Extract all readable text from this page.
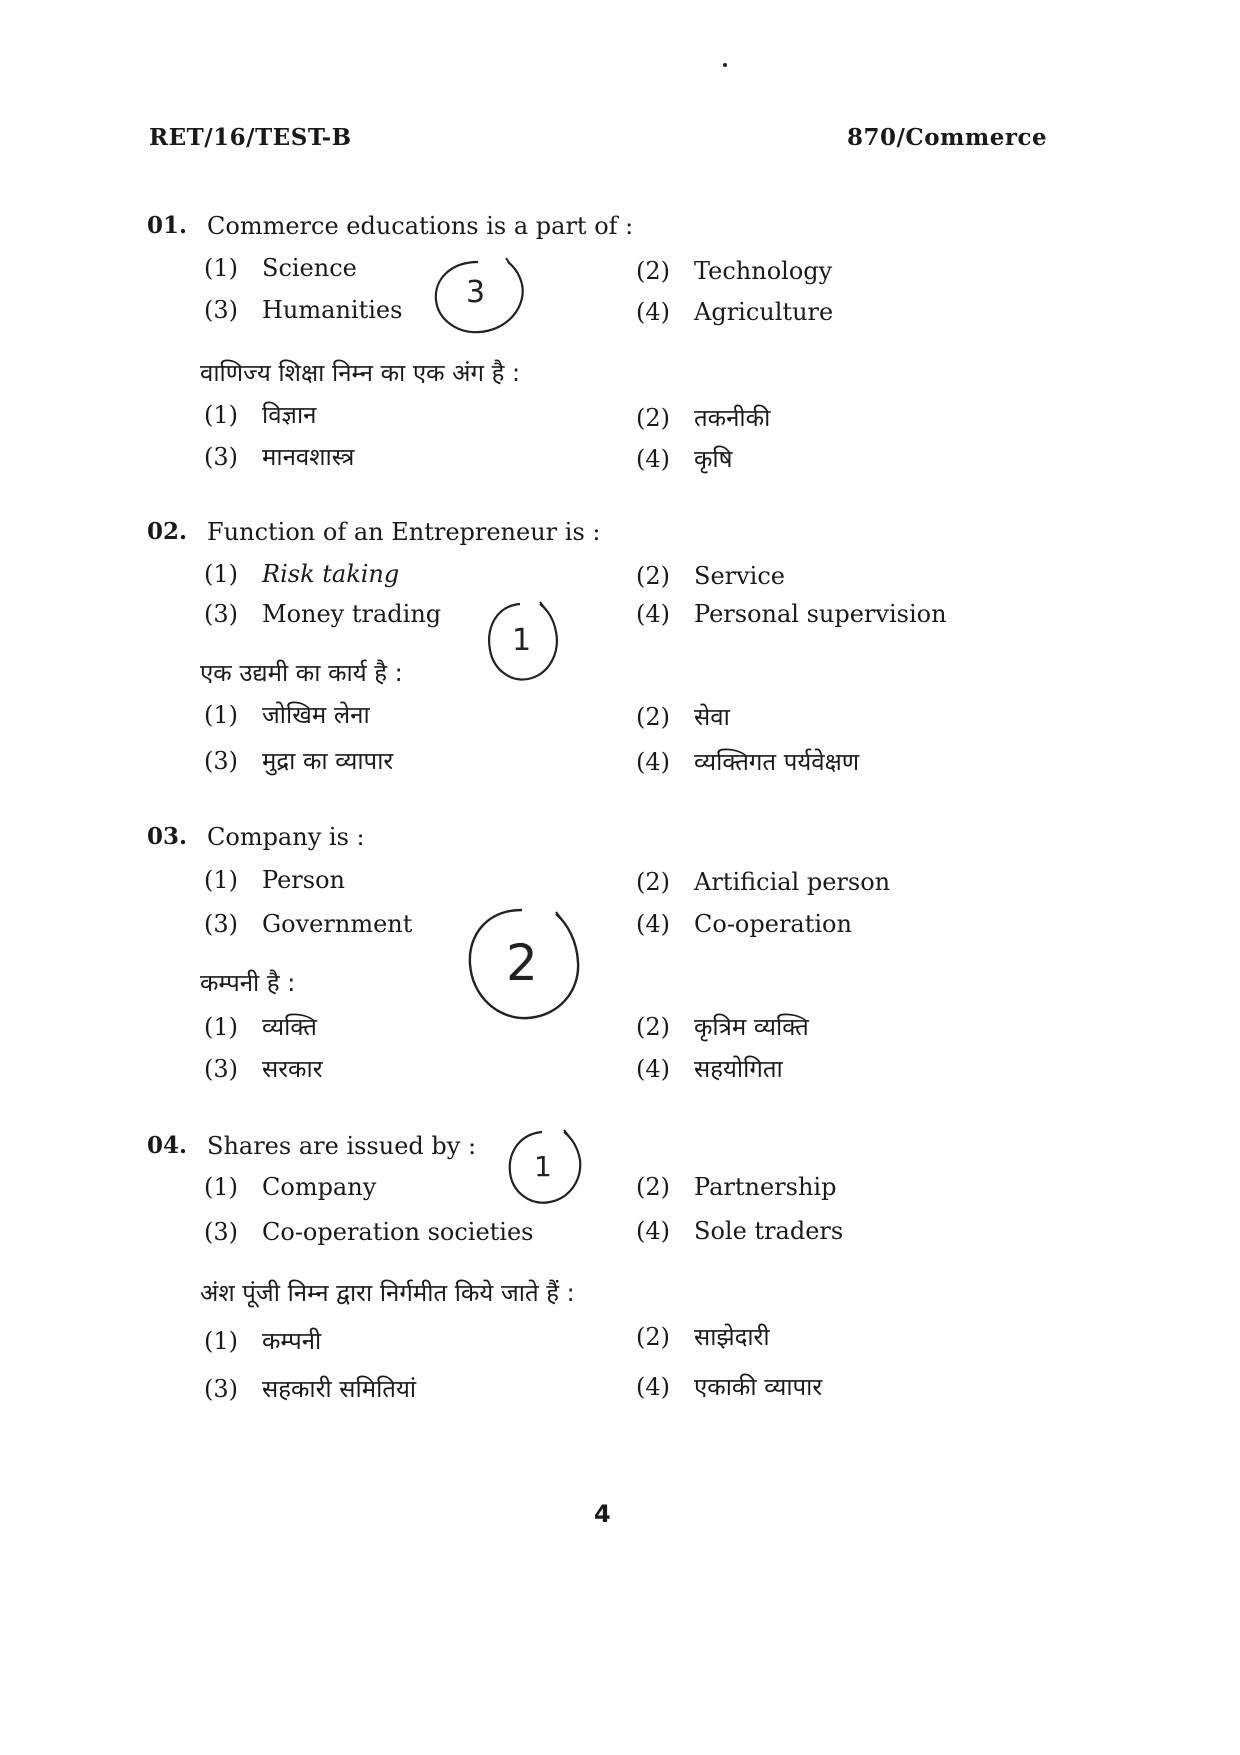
RET/16/TEST-B	870/Commerce
01. Commerce educations is a part of :
(1) Science	(2) Technology
(3) Humanities	(4) Agriculture
वाणिज्य शिक्षा निम्न का एक अंग है :
(1) विज्ञान	(2) तकनीकी
(3) मानवशास्त्र	(4) कृषि
3
02. Function of an Entrepreneur is :
(1) Risk taking	(2) Service
(3) Money trading	(4) Personal supervision
एक उद्यमी का कार्य है :
(1) जोखिम लेना	(2) सेवा
(3) मुद्रा का व्यापार	(4) व्यक्तिगत पर्यवेक्षण
1
03. Company is :
(1) Person	(2) Artificial person
(3) Government	(4) Co-operation
कम्पनी है :
(1) व्यक्ति	(2) कृत्रिम व्यक्ति
(3) सरकार	(4) सहयोगिता
2
04. Shares are issued by :
(1) Company	(2) Partnership
(3) Co-operation societies	(4) Sole traders
अंश पूंजी निम्न द्वारा निर्गमीत किये जाते हैं :
(1) कम्पनी	(2) साझेदारी
(3) सहकारी समितियां	(4) एकाकी व्यापार
1
4
